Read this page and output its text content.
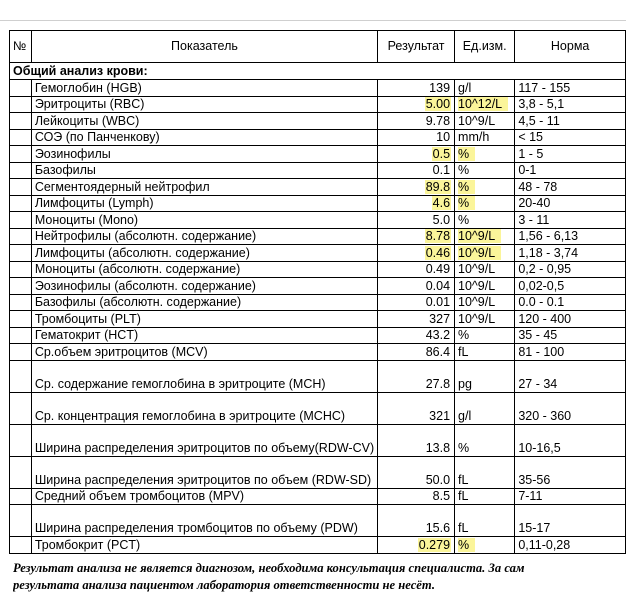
№	Показатель	Результат	Ед.изм.	Норма
Общий анализ крови:				
	Гемоглобин (HGB)	139	g/l	117 - 155
	Эритроциты (RBC)	5.00	10^12/L	3,8 - 5,1
	Лейкоциты (WBC)	9.78	10^9/L	4,5 - 11
	СОЭ (по Панченкову)	10	mm/h	< 15
	Эозинофилы	0.5	%	1 - 5
	Базофилы	0.1	%	0-1
	Сегментоядерный нейтрофил	89.8	%	48 - 78
	Лимфоциты (Lymph)	4.6	%	20-40
	Моноциты (Mono)	5.0	%	3 - 11
	Нейтрофилы (абсолютн. содержание)	8.78	10^9/L	1,56 - 6,13
	Лимфоциты (абсолютн. содержание)	0.46	10^9/L	1,18 - 3,74
	Моноциты (абсолютн. содержание)	0.49	10^9/L	0,2 - 0,95
	Эозинофилы (абсолютн. содержание)	0.04	10^9/L	0,02-0,5
	Базофилы (абсолютн. содержание)	0.01	10^9/L	0.0 - 0.1
	Тромбоциты (PLT)	327	10^9/L	120 - 400
	Гематокрит (HCT)	43.2	%	35 - 45
	Ср.объем эритроцитов (MCV)	86.4	fL	81 - 100
	Ср. содержание гемоглобина в эритроците (MCH)	27.8	pg	27 - 34
	Ср. концентрация гемоглобина в эритроците (MCHC)	321	g/l	320 - 360
	Ширина распределения эритроцитов по объему(RDW-CV)	13.8	%	10-16,5
	Ширина распределения эритроцитов по объем (RDW-SD)	50.0	fL	35-56
	Средний объем тромбоцитов (MPV)	8.5	fL	7-11
	Ширина распределения тромбоцитов по объему (PDW)	15.6	fL	15-17
	Тромбокрит (PCT)	0.279	%	0,11-0,28
Результат анализа не является диагнозом, необходима консультация специалиста. За сам
результата анализа пациентом лаборатория ответственности не несёт.
